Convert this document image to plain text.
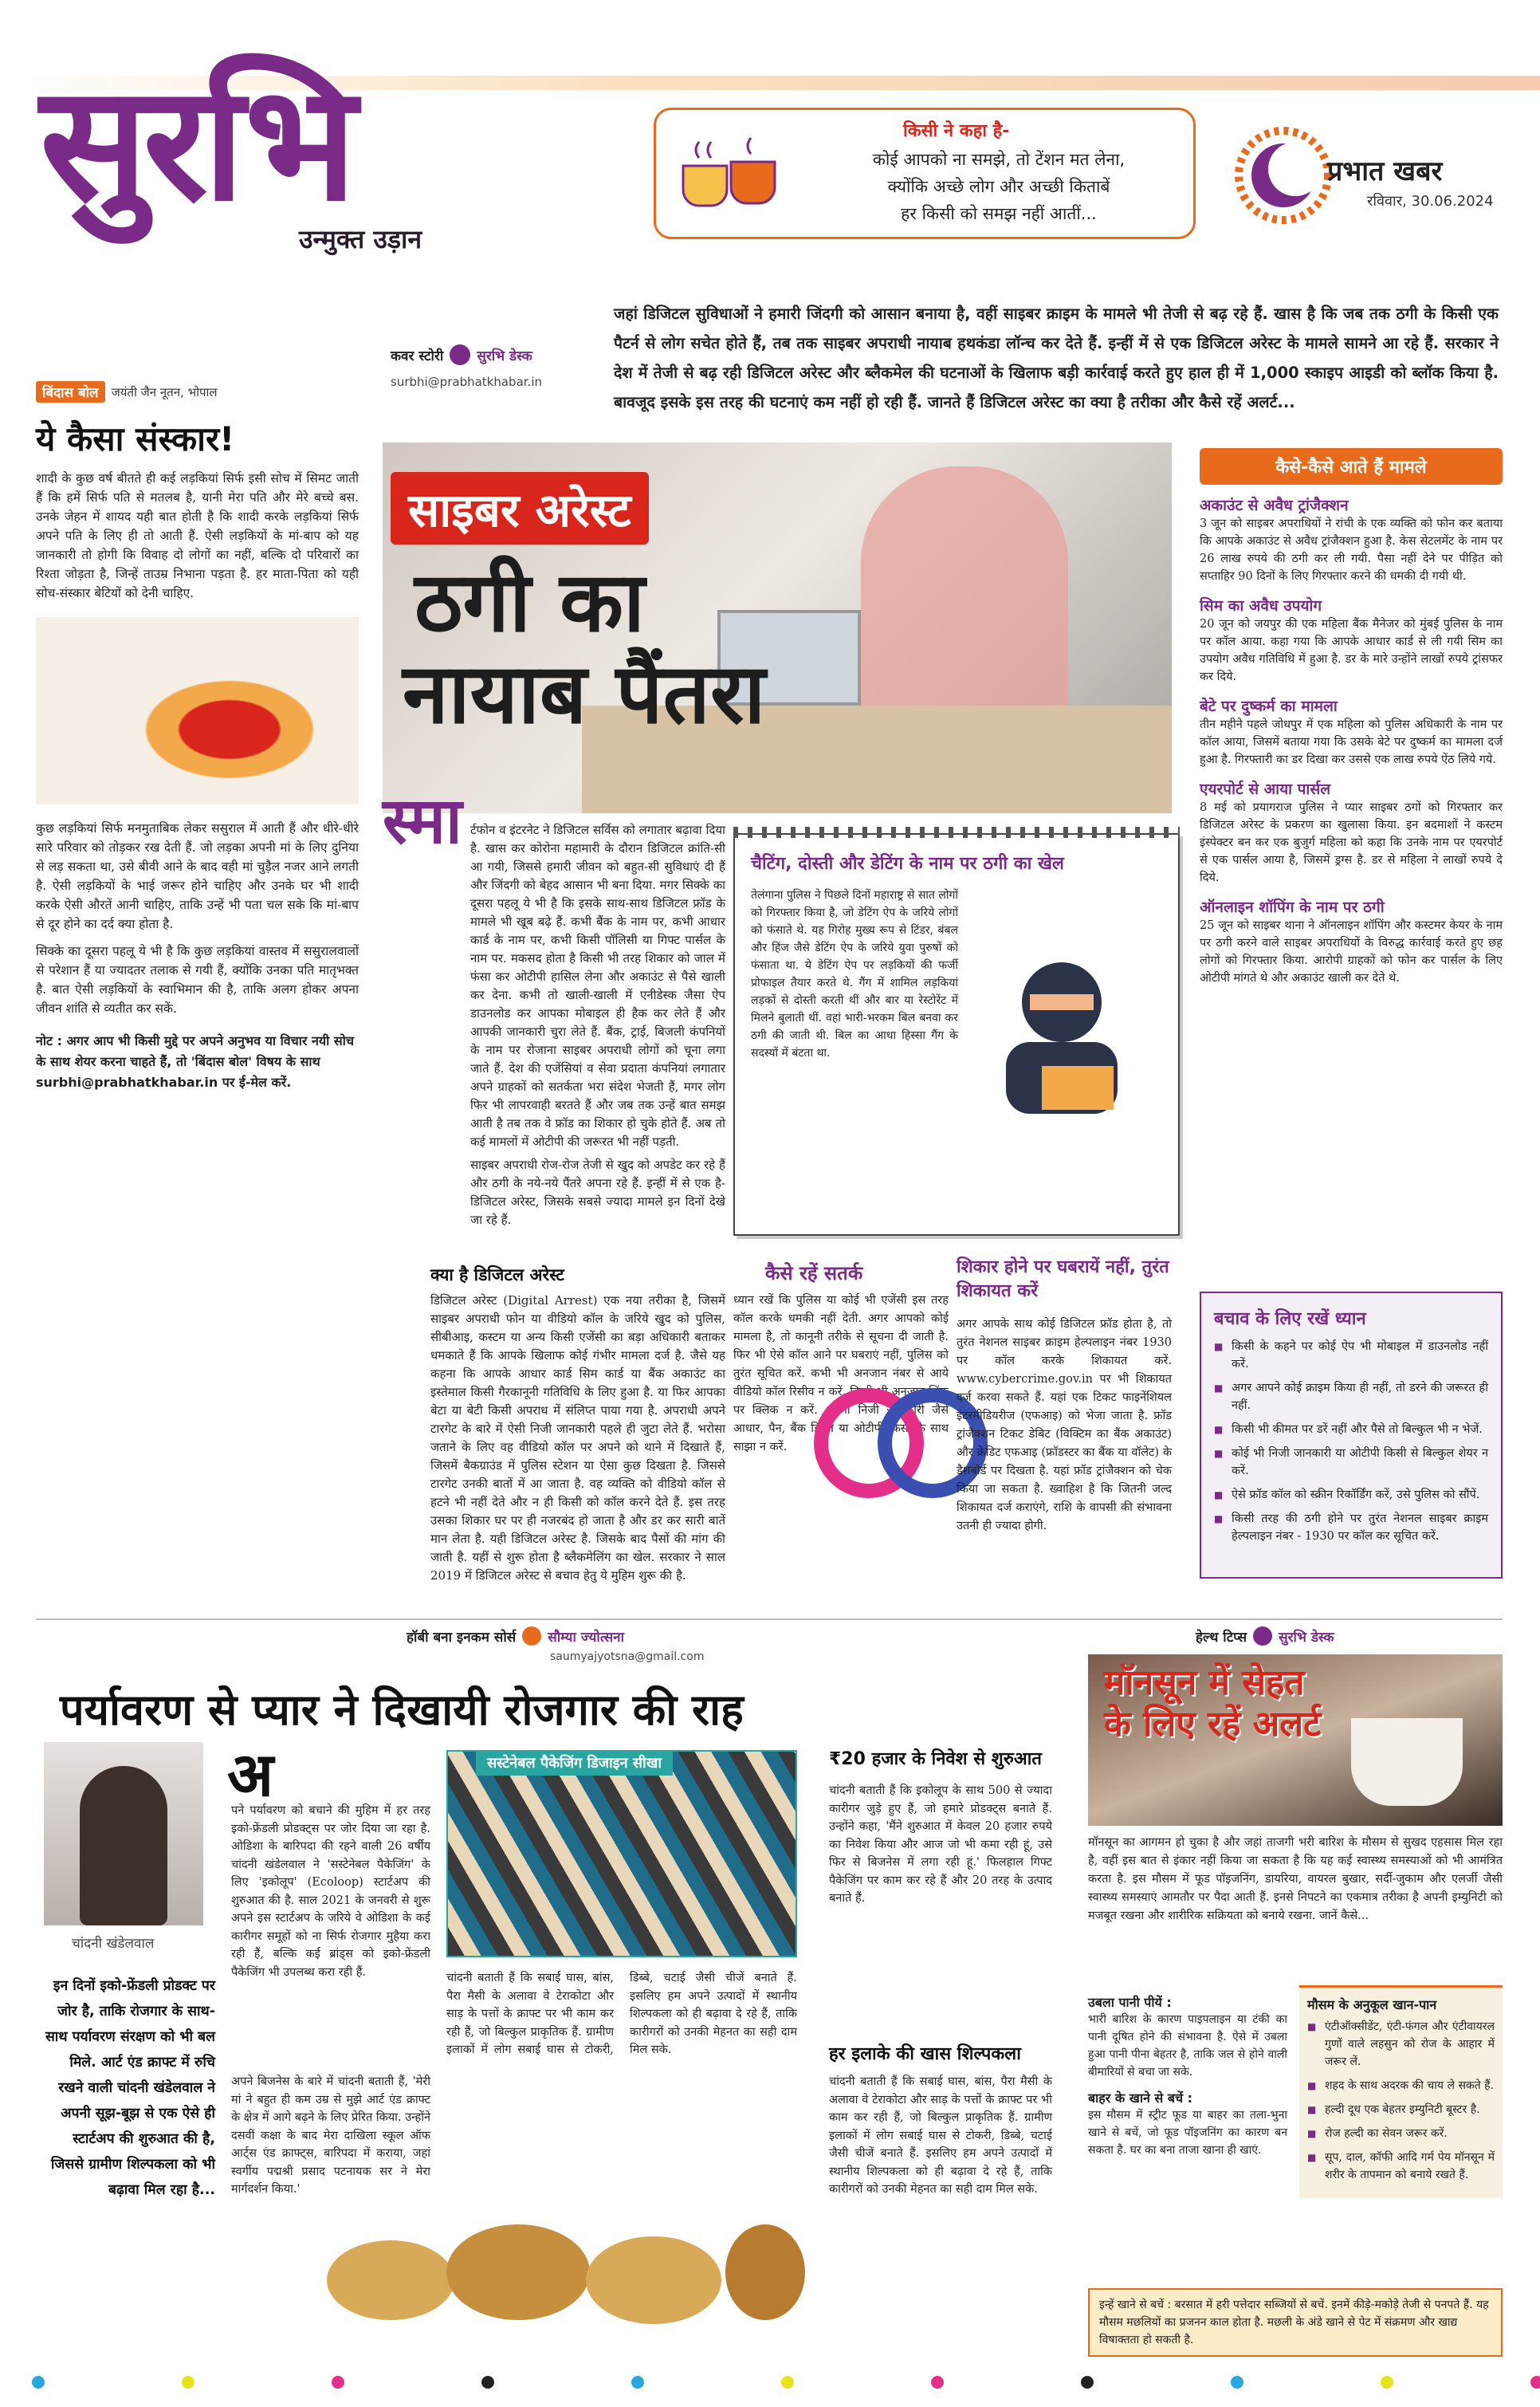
सुरभि
उन्मुक्त उड़ान
किसी ने कहा है-
कोई आपको ना समझे, तो टेंशन मत लेना,
क्योंकि अच्छे लोग और अच्छी किताबें
हर किसी को समझ नहीं आतीं...
प्रभात खबर
रविवार, 30.06.2024
कवर स्टोरी सुरभि डेस्क
surbhi@prabhatkhabar.in
जहां डिजिटल सुविधाओं ने हमारी जिंदगी को आसान बनाया है, वहीं साइबर क्राइम के मामले भी तेजी से बढ़ रहे हैं. खास है कि जब तक ठगी के किसी एक पैटर्न से लोग सचेत होते हैं, तब तक साइबर अपराधी नायाब हथकंडा लॉन्च कर देते हैं. इन्हीं में से एक डिजिटल अरेस्ट के मामले सामने आ रहे हैं. सरकार ने देश में तेजी से बढ़ रही डिजिटल अरेस्ट और ब्लैकमेल की घटनाओं के खिलाफ बड़ी कार्रवाई करते हुए हाल ही में 1,000 स्काइप आइडी को ब्लॉक किया है. बावजूद इसके इस तरह की घटनाएं कम नहीं हो रही हैं. जानते हैं डिजिटल अरेस्ट का क्या है तरीका और कैसे रहें अलर्ट...
बिंदास बोल	जयंती जैन नूतन, भोपाल
ये कैसा संस्कार!
शादी के कुछ वर्ष बीतते ही कई लड़कियां सिर्फ इसी सोच में सिमट जाती हैं कि हमें सिर्फ पति से मतलब है, यानी मेरा पति और मेरे बच्चे बस. उनके जेहन में शायद यही बात होती है कि शादी करके लड़कियां सिर्फ अपने पति के लिए ही तो आती हैं. ऐसी लड़कियों के मां-बाप को यह जानकारी तो होगी कि विवाह दो लोगों का नहीं, बल्कि दो परिवारों का रिश्ता जोड़ता है, जिन्हें ताउम्र निभाना पड़ता है. हर माता-पिता को यही सोच-संस्कार बेटियों को देनी चाहिए.
कुछ लड़कियां सिर्फ मनमुताबिक लेकर ससुराल में आती हैं और धीरे-धीरे सारे परिवार को तोड़कर रख देती हैं. जो लड़का अपनी मां के लिए दुनिया से लड़ सकता था, उसे बीवी आने के बाद वही मां चुड़ैल नजर आने लगती है. ऐसी लड़कियों के भाई जरूर होने चाहिए और उनके घर भी शादी करके ऐसी औरतें आनी चाहिए, ताकि उन्हें भी पता चल सके कि मां-बाप से दूर होने का दर्द क्या होता है.
सिक्के का दूसरा पहलू ये भी है कि कुछ लड़कियां वास्तव में ससुरालवालों से परेशान हैं या ज्यादतर तलाक से गयी हैं, क्योंकि उनका पति मातृभक्त है. बात ऐसी लड़कियों के स्वाभिमान की है, ताकि अलग होकर अपना जीवन शांति से व्यतीत कर सकें.
नोट : अगर आप भी किसी मुद्दे पर अपने अनुभव या विचार नयी सोच के साथ शेयर करना चाहते हैं, तो 'बिंदास बोल' विषय के साथ surbhi@prabhatkhabar.in पर ई-मेल करें.
साइबर अरेस्ट
ठगी का
नायाब पैंतरा
स्मा र्टफोन व इंटरनेट ने डिजिटल सर्विस को लगातार बढ़ावा दिया है. खास कर कोरोना महामारी के दौरान डिजिटल क्रांति-सी आ गयी, जिससे हमारी जीवन को बहुत-सी सुविधाएं दी हैं और जिंदगी को बेहद आसान भी बना दिया. मगर सिक्के का दूसरा पहलू ये भी है कि इसके साथ-साथ डिजिटल फ्रॉड के मामले भी खूब बढ़े हैं. कभी बैंक के नाम पर, कभी आधार कार्ड के नाम पर, कभी किसी पॉलिसी या गिफ्ट पार्सल के नाम पर. मकसद होता है किसी भी तरह शिकार को जाल में फंसा कर ओटीपी हासिल लेना और अकाउंट से पैसे खाली कर देना. कभी तो खाली-खाली में एनीडेस्क जैसा ऐप डाउनलोड कर आपका मोबाइल ही हैक कर लेते हैं और आपकी जानकारी चुरा लेते हैं. बैंक, ट्राई, बिजली कंपनियों के नाम पर रोजाना साइबर अपराधी लोगों को चूना लगा जाते हैं. देश की एजेंसियां व सेवा प्रदाता कंपनियां लगातार अपने ग्राहकों को सतर्कता भरा संदेश भेजती हैं, मगर लोग फिर भी लापरवाही बरतते हैं और जब तक उन्हें बात समझ आती है तब तक वे फ्रॉड का शिकार हो चुके होते हैं. अब तो कई मामलों में ओटीपी की जरूरत भी नहीं पड़ती.
साइबर अपराधी रोज-रोज तेजी से खुद को अपडेट कर रहे हैं और ठगी के नये-नये पैंतरे अपना रहे हैं. इन्हीं में से एक है- डिजिटल अरेस्ट, जिसके सबसे ज्यादा मामले इन दिनों देखे जा रहे हैं.
क्या है डिजिटल अरेस्ट
डिजिटल अरेस्ट (Digital Arrest) एक नया तरीका है, जिसमें साइबर अपराधी फोन या वीडियो कॉल के जरिये खुद को पुलिस, सीबीआइ, कस्टम या अन्य किसी एजेंसी का बड़ा अधिकारी बताकर धमकाते हैं कि आपके खिलाफ कोई गंभीर मामला दर्ज है. जैसे यह कहना कि आपके आधार कार्ड सिम कार्ड या बैंक अकाउंट का इस्तेमाल किसी गैरकानूनी गतिविधि के लिए हुआ है. या फिर आपका बेटा या बेटी किसी अपराध में संलिप्त पाया गया है. अपराधी अपने टारगेट के बारे में ऐसी निजी जानकारी पहले ही जुटा लेते हैं. भरोसा जताने के लिए वह वीडियो कॉल पर अपने को थाने में दिखाते हैं, जिसमें बैकग्राउंड में पुलिस स्टेशन या ऐसा कुछ दिखता है. जिससे टारगेट उनकी बातों में आ जाता है. वह व्यक्ति को वीडियो कॉल से हटने भी नहीं देते और न ही किसी को कॉल करने देते हैं. इस तरह उसका शिकार घर पर ही नजरबंद हो जाता है और डर कर सारी बातें मान लेता है. यही डिजिटल अरेस्ट है. जिसके बाद पैसों की मांग की जाती है. यहीं से शुरू होता है ब्लैकमेलिंग का खेल. सरकार ने साल 2019 में डिजिटल अरेस्ट से बचाव हेतु ये मुहिम शुरू की है.
चैटिंग, दोस्ती और डेटिंग के नाम पर ठगी का खेल
तेलंगाना पुलिस ने पिछले दिनों महाराष्ट्र से सात लोगों को गिरफ्तार किया है, जो डेटिंग ऐप के जरिये लोगों को फंसाते थे. यह गिरोह मुख्य रूप से टिंडर, बंबल और हिंज जैसे डेटिंग ऐप के जरिये युवा पुरुषों को फंसाता था. ये डेटिंग ऐप पर लड़कियों की फर्जी प्रोफाइल तैयार करते थे. गैंग में शामिल लड़कियां लड़कों से दोस्ती करती थीं और बार या रेस्टोरेंट में मिलने बुलाती थीं. वहां भारी-भरकम बिल बनवा कर ठगी की जाती थी. बिल का आधा हिस्सा गैंग के सदस्यों में बंटता था.
कैसे रहें सतर्क
ध्यान रखें कि पुलिस या कोई भी एजेंसी इस तरह कॉल करके धमकी नहीं देती. अगर आपको कोई मामला है, तो कानूनी तरीके से सूचना दी जाती है. फिर भी ऐसे कॉल आने पर घबराएं नहीं, पुलिस को तुरंत सूचित करें. कभी भी अनजान नंबर से आये वीडियो कॉल रिसीव न करें. किसी भी अनजान लिंक पर क्लिक न करें. अपनी निजी जानकारी जैसे आधार, पैन, बैंक डिटेल या ओटीपी किसी के साथ साझा न करें.
शिकार होने पर घबरायें नहीं, तुरंत शिकायत करें
अगर आपके साथ कोई डिजिटल फ्रॉड होता है, तो तुरंत नेशनल साइबर क्राइम हेल्पलाइन नंबर 1930 पर कॉल करके शिकायत करें. www.cybercrime.gov.in पर भी शिकायत दर्ज करवा सकते हैं. यहां एक टिकट फाइनेंशियल इंटरमीडियरीज (एफआइ) को भेजा जाता है. फ्रॉड ट्रांजैक्शन टिकट डेबिट (विक्टिम का बैंक अकाउंट) और क्रेडिट एफआइ (फ्रॉडस्टर का बैंक या वॉलेट) के डैशबोर्ड पर दिखता है. यहां फ्रॉड ट्रांजैक्शन को चेक किया जा सकता है. ख्वाहिश है कि जितनी जल्द शिकायत दर्ज कराएंगे, राशि के वापसी की संभावना उतनी ही ज्यादा होगी.
कैसे-कैसे आते हैं मामले
अकाउंट से अवैध ट्रांजैक्शन
3 जून को साइबर अपराधियों ने रांची के एक व्यक्ति को फोन कर बताया कि आपके अकाउंट से अवैध ट्रांजैक्शन हुआ है. केस सेटलमेंट के नाम पर 26 लाख रुपये की ठगी कर ली गयी. पैसा नहीं देने पर पीड़ित को सप्ताहिर 90 दिनों के लिए गिरफ्तार करने की धमकी दी गयी थी.
सिम का अवैध उपयोग
20 जून को जयपुर की एक महिला बैंक मैनेजर को मुंबई पुलिस के नाम पर कॉल आया. कहा गया कि आपके आधार कार्ड से ली गयी सिम का उपयोग अवैध गतिविधि में हुआ है. डर के मारे उन्होंने लाखों रुपये ट्रांसफर कर दिये.
बेटे पर दुष्कर्म का मामला
तीन महीने पहले जोधपुर में एक महिला को पुलिस अधिकारी के नाम पर कॉल आया, जिसमें बताया गया कि उसके बेटे पर दुष्कर्म का मामला दर्ज हुआ है. गिरफ्तारी का डर दिखा कर उससे एक लाख रुपये ऐंठ लिये गये.
एयरपोर्ट से आया पार्सल
8 मई को प्रयागराज पुलिस ने प्यार साइबर ठगों को गिरफ्तार कर डिजिटल अरेस्ट के प्रकरण का खुलासा किया. इन बदमाशों ने कस्टम इंस्पेक्टर बन कर एक बुजुर्ग महिला को कहा कि उनके नाम पर एयरपोर्ट से एक पार्सल आया है, जिसमें ड्रग्स है. डर से महिला ने लाखों रुपये दे दिये.
ऑनलाइन शॉपिंग के नाम पर ठगी
25 जून को साइबर थाना ने ऑनलाइन शॉपिंग और कस्टमर केयर के नाम पर ठगी करने वाले साइबर अपराधियों के विरुद्ध कार्रवाई करते हुए छह लोगों को गिरफ्तार किया. आरोपी ग्राहकों को फोन कर पार्सल के लिए ओटीपी मांगते थे और अकाउंट खाली कर देते थे.
बचाव के लिए रखें ध्यान
■ किसी के कहने पर कोई ऐप भी मोबाइल में डाउनलोड नहीं करें.
■ अगर आपने कोई क्राइम किया ही नहीं, तो डरने की जरूरत ही नहीं.
■ किसी भी कीमत पर डरें नहीं और पैसे तो बिल्कुल भी न भेजें.
■ कोई भी निजी जानकारी या ओटीपी किसी से बिल्कुल शेयर न करें.
■ ऐसे फ्रॉड कॉल को स्क्रीन रिकॉर्डिंग करें, उसे पुलिस को सौंपें.
■ किसी तरह की ठगी होने पर तुरंत नेशनल साइबर क्राइम हेल्पलाइन नंबर - 1930 पर कॉल कर सूचित करें.
हॉबी बना इनकम सोर्स सौम्या ज्योत्सना
saumyajyotsna@gmail.com
पर्यावरण से प्यार ने दिखायी रोजगार की राह
चांदनी खंडेलवाल
इन दिनों इको-फ्रेंडली प्रोडक्ट पर जोर है, ताकि रोजगार के साथ-साथ पर्यावरण संरक्षण को भी बल मिले. आर्ट एंड क्राफ्ट में रुचि रखने वाली चांदनी खंडेलवाल ने अपनी सूझ-बूझ से एक ऐसे ही स्टार्टअप की शुरुआत की है, जिससे ग्रामीण शिल्पकला को भी बढ़ावा मिल रहा है...
अ
पने पर्यावरण को बचाने की मुहिम में हर तरह इको-फ्रेंडली प्रोडक्ट्स पर जोर दिया जा रहा है. ओडिशा के बारिपदा की रहने वाली 26 वर्षीय चांदनी खंडेलवाल ने 'सस्टेनेबल पैकेजिंग' के लिए 'इकोलूप' (Ecoloop) स्टार्टअप की शुरुआत की है. साल 2021 के जनवरी से शुरू अपने इस स्टार्टअप के जरिये वे ओडिशा के कई कारीगर समूहों को ना सिर्फ रोजगार मुहैया करा रही हैं, बल्कि कई ब्रांड्स को इको-फ्रेंडली पैकेजिंग भी उपलब्ध करा रही हैं.
अपने बिजनेस के बारे में चांदनी बताती हैं, 'मेरी मां ने बहुत ही कम उम्र से मुझे आर्ट एंड क्राफ्ट के क्षेत्र में आगे बढ़ने के लिए प्रेरित किया. उन्होंने दसवीं कक्षा के बाद मेरा दाखिला स्कूल ऑफ आर्ट्स एंड क्राफ्ट्स, बारिपदा में कराया, जहां स्वर्गीय पद्मश्री प्रसाद पटनायक सर ने मेरा मार्गदर्शन किया.'
सस्टेनेबल पैकेजिंग डिजाइन सीखा
चांदनी बताती हैं कि सबाई घास, बांस, पैरा मैसी के अलावा वे टेराकोटा और साड़ के पत्तों के क्राफ्ट पर भी काम कर रही हैं, जो बिल्कुल प्राकृतिक हैं. ग्रामीण इलाकों में लोग सबाई घास से टोकरी, डिब्बे, चटाई जैसी चीजें बनाते हैं. इसलिए हम अपने उत्पादों में स्थानीय शिल्पकला को ही बढ़ावा दे रहे हैं, ताकि कारीगरों को उनकी मेहनत का सही दाम मिल सके.
₹20 हजार के निवेश से शुरुआत
चांदनी बताती हैं कि इकोलूप के साथ 500 से ज्यादा कारीगर जुड़े हुए हैं, जो हमारे प्रोडक्ट्स बनाते हैं. उन्होंने कहा, 'मैंने शुरुआत में केवल 20 हजार रुपये का निवेश किया और आज जो भी कमा रही हूं, उसे फिर से बिजनेस में लगा रही हूं.' फिलहाल गिफ्ट पैकेजिंग पर काम कर रहे हैं और 20 तरह के उत्पाद बनाते हैं.
हर इलाके की खास शिल्पकला
चांदनी बताती हैं कि सबाई घास, बांस, पैरा मैसी के अलावा वे टेराकोटा और साड़ के पत्तों के क्राफ्ट पर भी काम कर रही हैं, जो बिल्कुल प्राकृतिक हैं. ग्रामीण इलाकों में लोग सबाई घास से टोकरी, डिब्बे, चटाई जैसी चीजें बनाते हैं. इसलिए हम अपने उत्पादों में स्थानीय शिल्पकला को ही बढ़ावा दे रहे हैं, ताकि कारीगरों को उनकी मेहनत का सही दाम मिल सके.
हेल्थ टिप्स सुरभि डेस्क
मॉनसून में सेहत के लिए रहें अलर्ट
मॉनसून का आगमन हो चुका है और जहां ताजगी भरी बारिश के मौसम से सुखद एहसास मिल रहा है, वहीं इस बात से इंकार नहीं किया जा सकता है कि यह कई स्वास्थ्य समस्याओं को भी आमंत्रित करता है. इस मौसम में फूड पॉइजनिंग, डायरिया, वायरल बुखार, सर्दी-जुकाम और एलर्जी जैसी स्वास्थ्य समस्याएं आमतौर पर पैदा आती हैं. इनसे निपटने का एकमात्र तरीका है अपनी इम्युनिटी को मजबूत रखना और शारीरिक सक्रियता को बनाये रखना. जानें कैसे...
उबला पानी पीयें :
भारी बारिश के कारण पाइपलाइन या टंकी का पानी दूषित होने की संभावना है. ऐसे में उबला हुआ पानी पीना बेहतर है, ताकि जल से होने वाली बीमारियों से बचा जा सके.
बाहर के खाने से बचें :
इस मौसम में स्ट्रीट फूड या बाहर का तला-भुना खाने से बचें, जो फूड पॉइजनिंग का कारण बन सकता है. घर का बना ताजा खाना ही खाएं.
मौसम के अनुकूल खान-पान
■ एंटीऑक्सीडेंट, एंटी-फंगल और एंटीवायरल गुणों वाले लहसुन को रोज के आहार में जरूर लें.
■ शहद के साथ अदरक की चाय ले सकते हैं.
■ हल्दी दूध एक बेहतर इम्युनिटी बूस्टर है.
■ रोज हल्दी का सेवन जरूर करें.
■ सूप, दाल, कॉफी आदि गर्म पेय मॉनसून में शरीर के तापमान को बनाये रखते हैं.
इन्हें खाने से बचें : बरसात में हरी पत्तेदार सब्जियों से बचें. इनमें कीड़े-मकोड़े तेजी से पनपते हैं. यह मौसम मछलियों का प्रजनन काल होता है. मछली के अंडे खाने से पेट में संक्रमण और खाद्य विषाक्तता हो सकती है.
